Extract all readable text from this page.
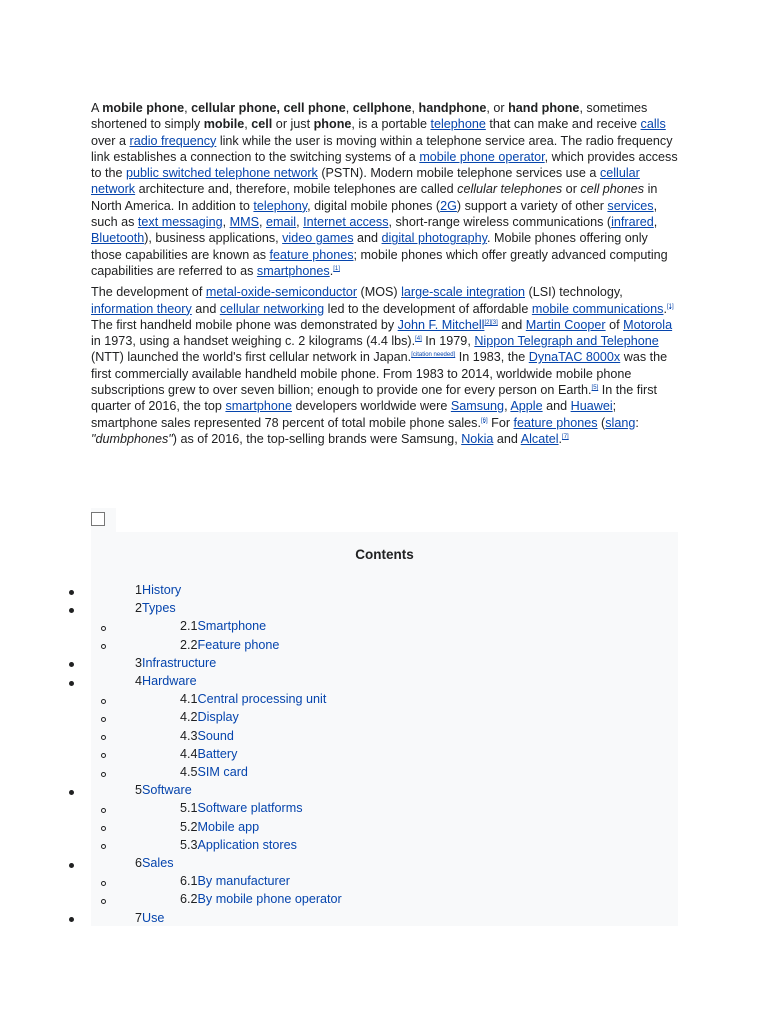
A mobile phone, cellular phone, cell phone, cellphone, handphone, or hand phone, sometimes shortened to simply mobile, cell or just phone, is a portable telephone that can make and receive calls over a radio frequency link while the user is moving within a telephone service area. The radio frequency link establishes a connection to the switching systems of a mobile phone operator, which provides access to the public switched telephone network (PSTN). Modern mobile telephone services use a cellular network architecture and, therefore, mobile telephones are called cellular telephones or cell phones in North America. In addition to telephony, digital mobile phones (2G) support a variety of other services, such as text messaging, MMS, email, Internet access, short-range wireless communications (infrared, Bluetooth), business applications, video games and digital photography. Mobile phones offering only those capabilities are known as feature phones; mobile phones which offer greatly advanced computing capabilities are referred to as smartphones.[1]

The development of metal-oxide-semiconductor (MOS) large-scale integration (LSI) technology, information theory and cellular networking led to the development of affordable mobile communications.[1] The first handheld mobile phone was demonstrated by John F. Mitchell[2][3] and Martin Cooper of Motorola in 1973, using a handset weighing c. 2 kilograms (4.4 lbs).[4] In 1979, Nippon Telegraph and Telephone (NTT) launched the world's first cellular network in Japan.[citation needed] In 1983, the DynaTAC 8000x was the first commercially available handheld mobile phone. From 1983 to 2014, worldwide mobile phone subscriptions grew to over seven billion; enough to provide one for every person on Earth.[5] In the first quarter of 2016, the top smartphone developers worldwide were Samsung, Apple and Huawei; smartphone sales represented 78 percent of total mobile phone sales.[6] For feature phones (slang: "dumbphones") as of 2016, the top-selling brands were Samsung, Nokia and Alcatel.[7]

Contents
1History
2Types
2.1Smartphone
2.2Feature phone
3Infrastructure
4Hardware
4.1Central processing unit
4.2Display
4.3Sound
4.4Battery
4.5SIM card
5Software
5.1Software platforms
5.2Mobile app
5.3Application stores
6Sales
6.1By manufacturer
6.2By mobile phone operator
7Use
